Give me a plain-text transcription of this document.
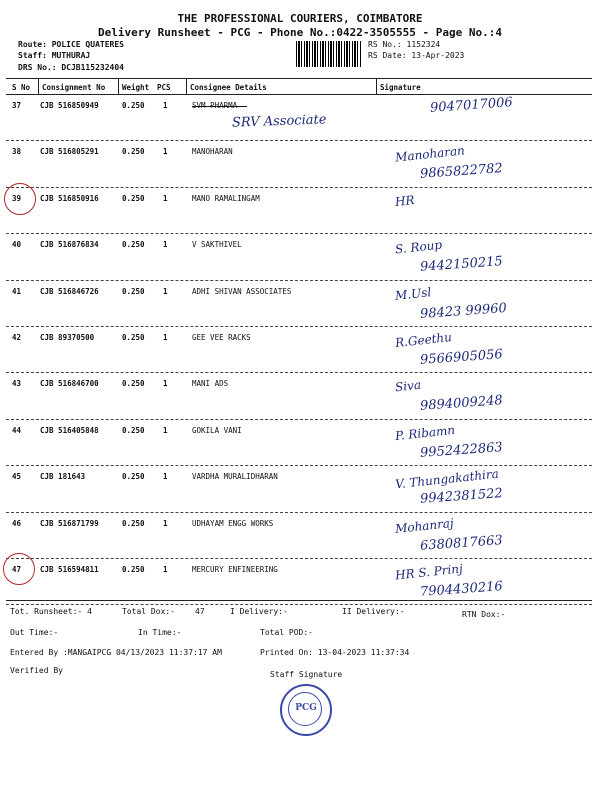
THE PROFESSIONAL COURIERS, COIMBATORE
Delivery Runsheet - PCG - Phone No.:0422-3505555 - Page No.:4
Route: POLICE QUATERES
Staff: MUTHURAJ
DRS No.: DCJB115232404
RS No.: 1152324
RS Date: 13-Apr-2023
S No Consignment No Weight PCS	Consignee Details	Signature
37	CJB 516850949	0.250 1	SVM PHARMA
SRV Associate
9047017006
38	CJB 516805291	0.250 1	MANOHARAN	Manoharan
9865822782
39	CJB 516850916	0.250 1	MANO RAMALINGAM	HR
40	CJB 516876834	0.250 1	V SAKTHIVEL	S. Roup
9442150215
41	CJB 516846726	0.250 1	ADHI SHIVAN ASSOCIATES	M.Usl
98423 99960
42	CJB 89370500	0.250 1	GEE VEE RACKS	R.Geethu
9566905056
43	CJB 516846700	0.250 1	MANI ADS	Siva
9894009248
44	CJB 516405848	0.250 1	GOKILA VANI	P. Ribamn
9952422863
45	CJB 181643	0.250 1	VARDHA MURALIDHARAN	V. Thungakathira
9942381522
46	CJB 516871799	0.250 1	UDHAYAM ENGG WORKS	Mohanraj
6380817663
47	CJB 516594811	0.250 1	MERCURY ENFINEERING	HR S. Prinj
7904430216
Tot. Runsheet:- 4	Total Dox:-	47	I Delivery:-	II Delivery:-	RTN Dox:-
Out Time:-	In Time:-	Total POD:-
Entered By :MANGAIPCG 04/13/2023 11:37:17 AM	Printed On: 13-04-2023 11:37:34
Verified By	Staff Signature
PCG
